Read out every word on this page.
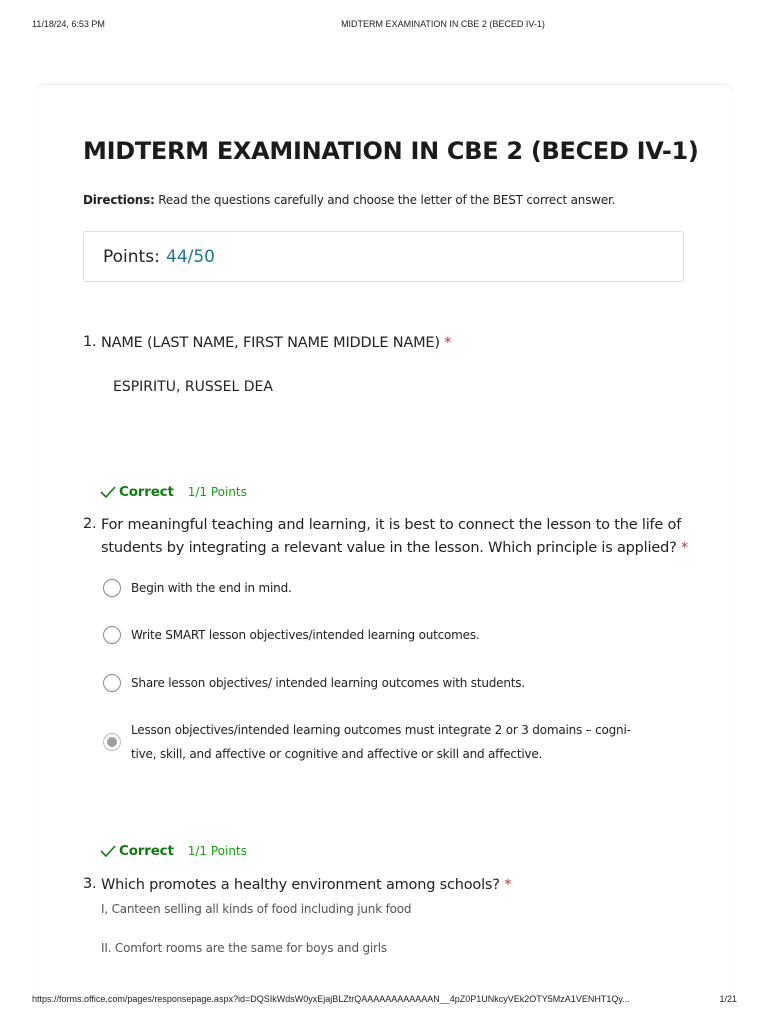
11/18/24, 6:53 PM	MIDTERM EXAMINATION IN CBE 2 (BECED IV-1)
MIDTERM EXAMINATION IN CBE 2 (BECED IV-1)
Directions: Read the questions carefully and choose the letter of the BEST correct answer.
Points: 44/50
1. NAME (LAST NAME, FIRST NAME MIDDLE NAME) *
ESPIRITU, RUSSEL DEA
Correct 1/1 Points
2. For meaningful teaching and learning, it is best to connect the lesson to the life of
students by integrating a relevant value in the lesson. Which principle is applied? *
Begin with the end in mind.
Write SMART lesson objectives/intended learning outcomes.
Share lesson objectives/ intended learning outcomes with students.
Lesson objectives/intended learning outcomes must integrate 2 or 3 domains – cogni-
tive, skill, and affective or cognitive and affective or skill and affective.
Correct 1/1 Points
3. Which promotes a healthy environment among schools? *
I, Canteen selling all kinds of food including junk food
II. Comfort rooms are the same for boys and girls
https://forms.office.com/pages/responsepage.aspx?id=DQSIkWdsW0yxEjajBLZtrQAAAAAAAAAAAAN__4pZ0P1UNkcyVEk2OTY5MzA1VENHT1Qy...	1/21
